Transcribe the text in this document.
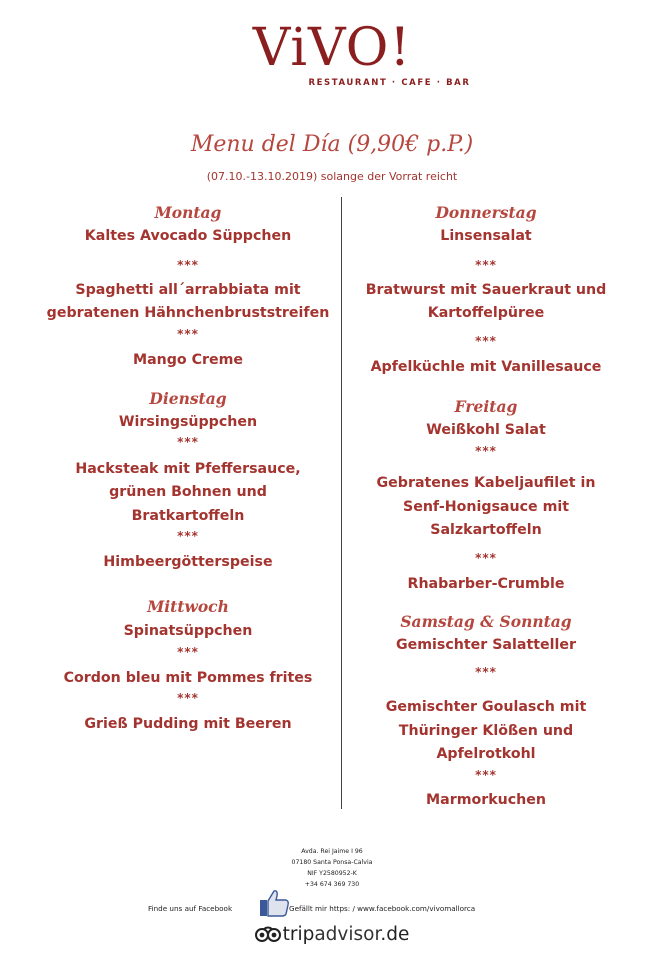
ViVO!
RESTAURANT · CAFE · BAR
Menu del Día (9,90€ p.P.)
(07.10.-13.10.2019) solange der Vorrat reicht
Montag
Kaltes Avocado Süppchen
***
Spaghetti all´arrabbiata mit
gebratenen Hähnchenbruststreifen
***
Mango Creme
Dienstag
Wirsingsüppchen
***
Hacksteak mit Pfeffersauce,
grünen Bohnen und
Bratkartoffeln
***
Himbeergötterspeise
Mittwoch
Spinatsüppchen
***
Cordon bleu mit Pommes frites
***
Grieß Pudding mit Beeren
Donnerstag
Linsensalat
***
Bratwurst mit Sauerkraut und
Kartoffelpüree
***
Apfelküchle mit Vanillesauce
Freitag
Weißkohl Salat
***
Gebratenes Kabeljaufilet in
Senf-Honigsauce mit
Salzkartoffeln
***
Rhabarber-Crumble
Samstag & Sonntag
Gemischter Salatteller
***
Gemischter Goulasch mit
Thüringer Klößen und
Apfelrotkohl
***
Marmorkuchen
Avda. Rei Jaime I 96
07180 Santa Ponsa-Calvia
NIF Y2580952-K
+34 674 369 730
Finde uns auf Facebook	Gefällt mir https: / www.facebook.com/vivomallorca
tripadvisor.de
